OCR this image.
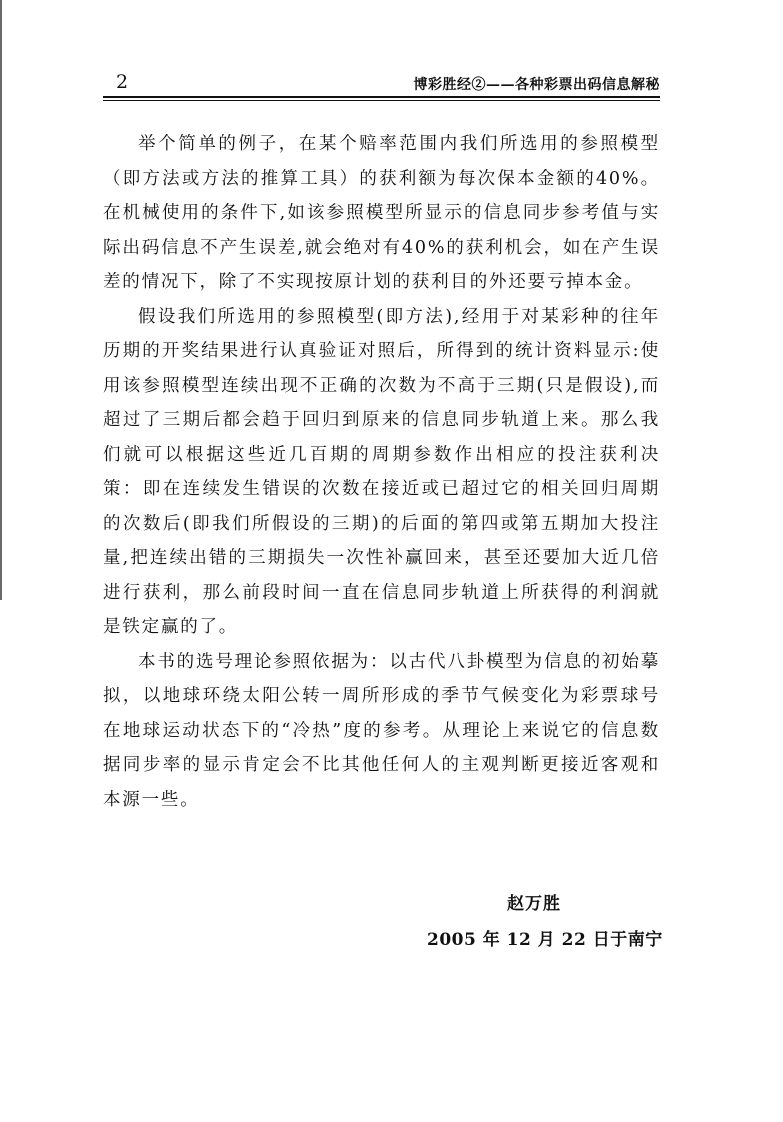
2	博彩胜经②——各种彩票出码信息解秘

举个简单的例子，在某个赔率范围内我们所选用的参照模型（即方法或方法的推算工具）的获利额为每次保本金额的40%。在机械使用的条件下,如该参照模型所显示的信息同步参考值与实际出码信息不产生误差,就会绝对有40%的获利机会，如在产生误差的情况下，除了不实现按原计划的获利目的外还要亏掉本金。

假设我们所选用的参照模型(即方法),经用于对某彩种的往年历期的开奖结果进行认真验证对照后，所得到的统计资料显示:使用该参照模型连续出现不正确的次数为不高于三期(只是假设),而超过了三期后都会趋于回归到原来的信息同步轨道上来。那么我们就可以根据这些近几百期的周期参数作出相应的投注获利决策：即在连续发生错误的次数在接近或已超过它的相关回归周期的次数后(即我们所假设的三期)的后面的第四或第五期加大投注量,把连续出错的三期损失一次性补赢回来，甚至还要加大近几倍进行获利，那么前段时间一直在信息同步轨道上所获得的利润就是铁定赢的了。

本书的选号理论参照依据为：以古代八卦模型为信息的初始摹拟，以地球环绕太阳公转一周所形成的季节气候变化为彩票球号在地球运动状态下的“冷热”度的参考。从理论上来说它的信息数据同步率的显示肯定会不比其他任何人的主观判断更接近客观和本源一些。

赵万胜
2005 年 12 月 22 日于南宁
